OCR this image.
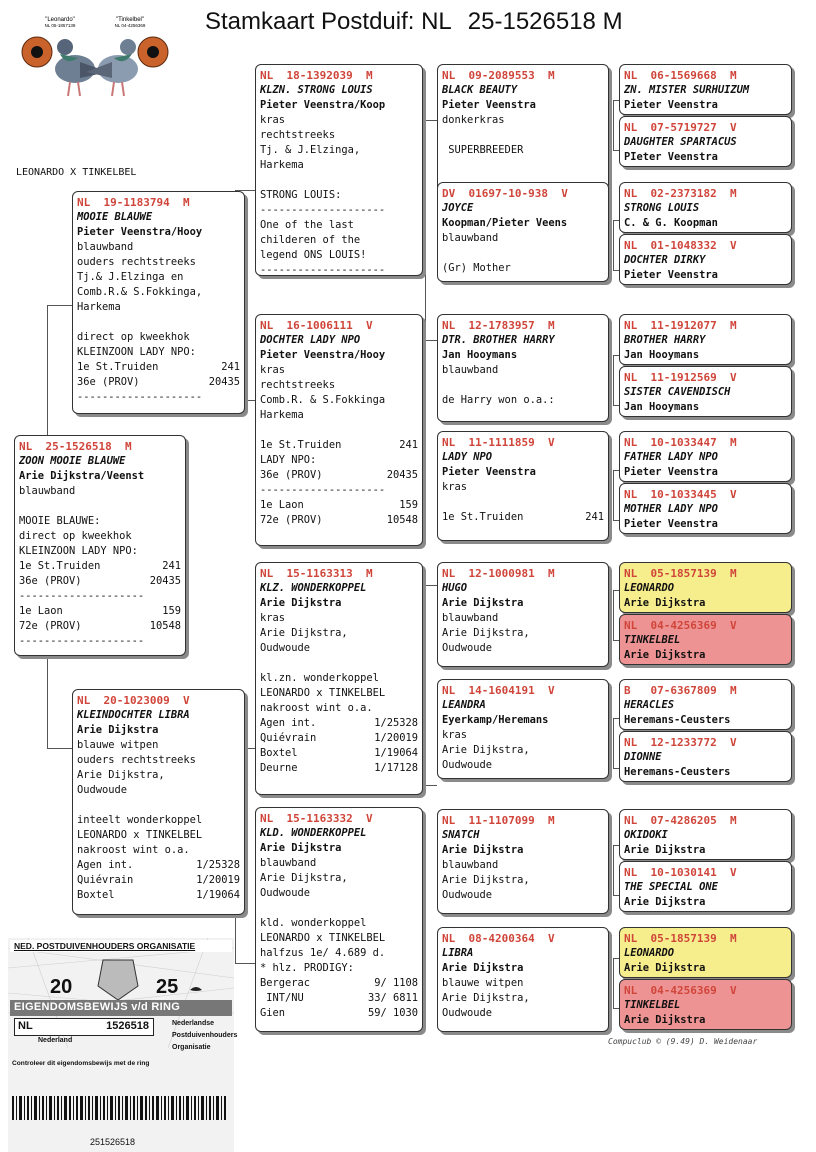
Stamkaart Postduif: NL 25-1526518 M
"Leonardo"
NL 05-1857139
"Tinkelbel"
NL 04-4256369
LEONARDO X TINKELBEL
NL  25-1526518  M
ZOON MOOIE BLAUWE
Arie Dijkstra/Veenst
blauwband
MOOIE BLAUWE:
direct op kweekhok
KLEINZOON LADY NPO:
1e St.Truiden	241
36e (PROV)	20435
--------------------
1e Laon	159
72e (PROV)	10548
--------------------
NL  19-1183794  M
MOOIE BLAUWE
Pieter Veenstra/Hooy
blauwband
ouders rechtstreeks
Tj.& J.Elzinga en
Comb.R.& S.Fokkinga,
Harkema
direct op kweekhok
KLEINZOON LADY NPO:
1e St.Truiden	241
36e (PROV)	20435
--------------------
NL  20-1023009  V
KLEINDOCHTER LIBRA
Arie Dijkstra
blauwe witpen
ouders rechtstreeks
Arie Dijkstra,
Oudwoude
inteelt wonderkoppel
LEONARDO x TINKELBEL
nakroost wint o.a.
Agen int.	1/25328
Quiévrain	1/20019
Boxtel	1/19064
NL  18-1392039  M
KLZN. STRONG LOUIS
Pieter Veenstra/Koop
kras
rechtstreeks
Tj. & J.Elzinga,
Harkema
STRONG LOUIS:
--------------------
One of the last
childeren of the
legend ONS LOUIS!
--------------------
NL  16-1006111  V
DOCHTER LADY NPO
Pieter Veenstra/Hooy
kras
rechtstreeks
Comb.R. & S.Fokkinga
Harkema
1e St.Truiden	241
LADY NPO:
36e (PROV)	20435
--------------------
1e Laon	159
72e (PROV)	10548
NL  15-1163313  M
KLZ. WONDERKOPPEL
Arie Dijkstra
kras
Arie Dijkstra,
Oudwoude
kl.zn. wonderkoppel
LEONARDO x TINKELBEL
nakroost wint o.a.
Agen int.	1/25328
Quiévrain	1/20019
Boxtel	1/19064
Deurne	1/17128
NL  15-1163332  V
KLD. WONDERKOPPEL
Arie Dijkstra
blauwband
Arie Dijkstra,
Oudwoude
kld. wonderkoppel
LEONARDO x TINKELBEL
halfzus 1e/ 4.689 d.
* hlz. PRODIGY:
Bergerac	9/ 1108
INT/NU	33/ 6811
Gien	59/ 1030
NL  09-2089553  M
BLACK BEAUTY
Pieter Veenstra
donkerkras
SUPERBREEDER
DV  01697-10-938  V
JOYCE
Koopman/Pieter Veens
blauwband
(Gr) Mother
NL  12-1783957  M
DTR. BROTHER HARRY
Jan Hooymans
blauwband
de Harry won o.a.:
NL  11-1111859  V
LADY NPO
Pieter Veenstra
kras
1e St.Truiden	241
NL  12-1000981  M
HUGO
Arie Dijkstra
blauwband
Arie Dijkstra,
Oudwoude
NL  14-1604191  V
LEANDRA
Eyerkamp/Heremans
kras
Arie Dijkstra,
Oudwoude
NL  11-1107099  M
SNATCH
Arie Dijkstra
blauwband
Arie Dijkstra,
Oudwoude
NL  08-4200364  V
LIBRA
Arie Dijkstra
blauwe witpen
Arie Dijkstra,
Oudwoude
NL  06-1569668  M
ZN. MISTER SURHUIZUM
Pieter Veenstra
NL  07-5719727  V
DAUGHTER SPARTACUS
PIeter Veenstra
NL  02-2373182  M
STRONG LOUIS
C. & G. Koopman
NL  01-1048332  V
DOCHTER DIRKY
Pieter Veenstra
NL  11-1912077  M
BROTHER HARRY
Jan Hooymans
NL  11-1912569  V
SISTER CAVENDISCH
Jan Hooymans
NL  10-1033447  M
FATHER LADY NPO
Pieter Veenstra
NL  10-1033445  V
MOTHER LADY NPO
Pieter Veenstra
NL  05-1857139  M
LEONARDO
Arie Dijkstra
NL  04-4256369  V
TINKELBEL
Arie Dijkstra
B   07-6367809  M
HERACLES
Heremans-Ceusters
NL  12-1233772  V
DIONNE
Heremans-Ceusters
NL  07-4286205  M
OKIDOKI
Arie Dijkstra
NL  10-1030141  V
THE SPECIAL ONE
Arie Dijkstra
NL  05-1857139  M
LEONARDO
Arie Dijkstra
NL  04-4256369  V
TINKELBEL
Arie Dijkstra
Compuclub © (9.49) D. Weidenaar
NED. POSTDUIVENHOUDERS ORGANISATIE
20	25
EIGENDOMSBEWIJS v/d RING
NL	1526518
Nederland
Nederlandse
Postduivenhouders
Organisatie
Controleer dit eigendomsbewijs met de ring
251526518
